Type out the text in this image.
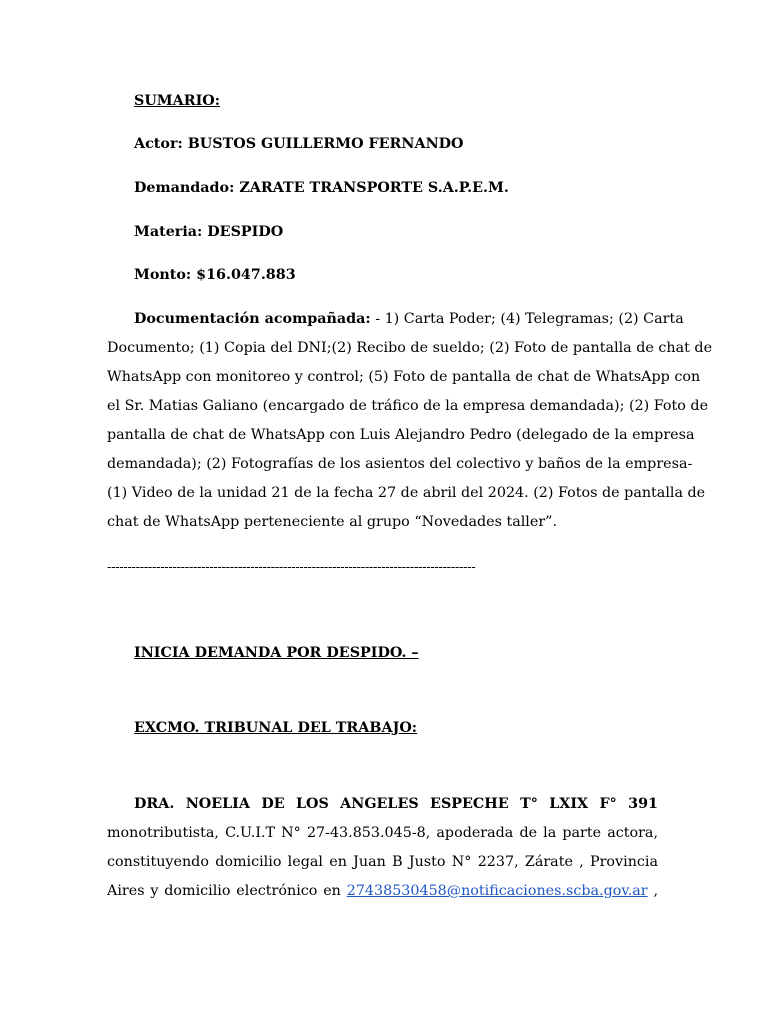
SUMARIO:
Actor: BUSTOS GUILLERMO FERNANDO
Demandado: ZARATE TRANSPORTE S.A.P.E.M.
Materia: DESPIDO
Monto: $16.047.883
Documentación acompañada: - 1) Carta Poder; (4) Telegramas; (2) Carta
Documento; (1) Copia del DNI;(2) Recibo de sueldo; (2) Foto de pantalla de chat de
WhatsApp con monitoreo y control; (5) Foto de pantalla de chat de WhatsApp con
el Sr. Matias Galiano (encargado de tráfico de la empresa demandada); (2) Foto de
pantalla de chat de WhatsApp con Luis Alejandro Pedro (delegado de la empresa
demandada); (2) Fotografías de los asientos del colectivo y baños de la empresa-
(1) Video de la unidad 21 de la fecha 27 de abril del 2024. (2) Fotos de pantalla de
chat de WhatsApp perteneciente al grupo “Novedades taller”.
------------------------------------------------------------------------------------------
INICIA DEMANDA POR DESPIDO. –
EXCMO. TRIBUNAL DEL TRABAJO:
DRA. NOELIA DE LOS ANGELES ESPECHE T° LXIX F° 391
monotributista, C.U.I.T N° 27-43.853.045-8, apoderada de la parte actora,
constituyendo domicilio legal en Juan B Justo N° 2237, Zárate , Provincia
Aires y domicilio electrónico en 27438530458@notificaciones.scba.gov.ar ,
